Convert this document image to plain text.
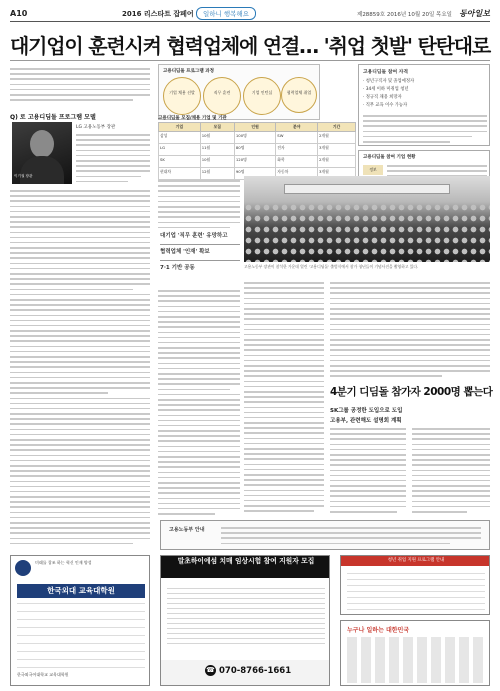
A10	2016 리스타트 잡페어	일하니 행복해요	제28859호 2016년 10월 20일 목요일 동아일보
대기업이 훈련시켜 협력업체에 연결… '취업 첫발' 탄탄대로
Q) 로 고용디딤돌 프로그램 모델
이기권 장관
LG 고용노동부 장관
고용디딤돌 프로그램 과정
기업 채용 선발	직무 훈련	기업 인턴십	협력업체 취업
고용디딤돌 참여 자격
· 청년구직자 및 졸업예정자
· 34세 이하 미취업 청년
· 정규직 채용 희망자
· 직무 교육 이수 가능자
고용디딤돌 모집/채용 기업 및 기관
기업	모집	인원	분야	기간
삼성	10월	100명	SW	2개월
LG	11월	80명	전자	3개월
SK	10월	120명	화학	2개월
현대차	12월	90명	자동차	3개월
고용디딤돌 참여 기업 현황
정보
대기업 '직무 훈련' 유망하고
협력업체 '인재' 확보
7·1 기반 공동	고용노동부 장관이 참석한 가운데 열린 '고용디딤돌' 출범식에서 참가 청년들이 기념사진을 촬영하고 있다.
4분기 디딤돌 참가자 2000명 뽑는다
SK그룹 공정한 도입으로 도입
고용부, 관련해도 설명회 계획
고용노동부 안내
미래를 창조 하는 혁신 인재 양성
한국외대 교육대학원
한국외국어대학교 교육대학원
말초하이에섬 치매 임상시험 참여 지원자 모집
☎ 070-8766-1661
청년 취업 지원 프로그램 안내
누구나 일하는 대한민국
